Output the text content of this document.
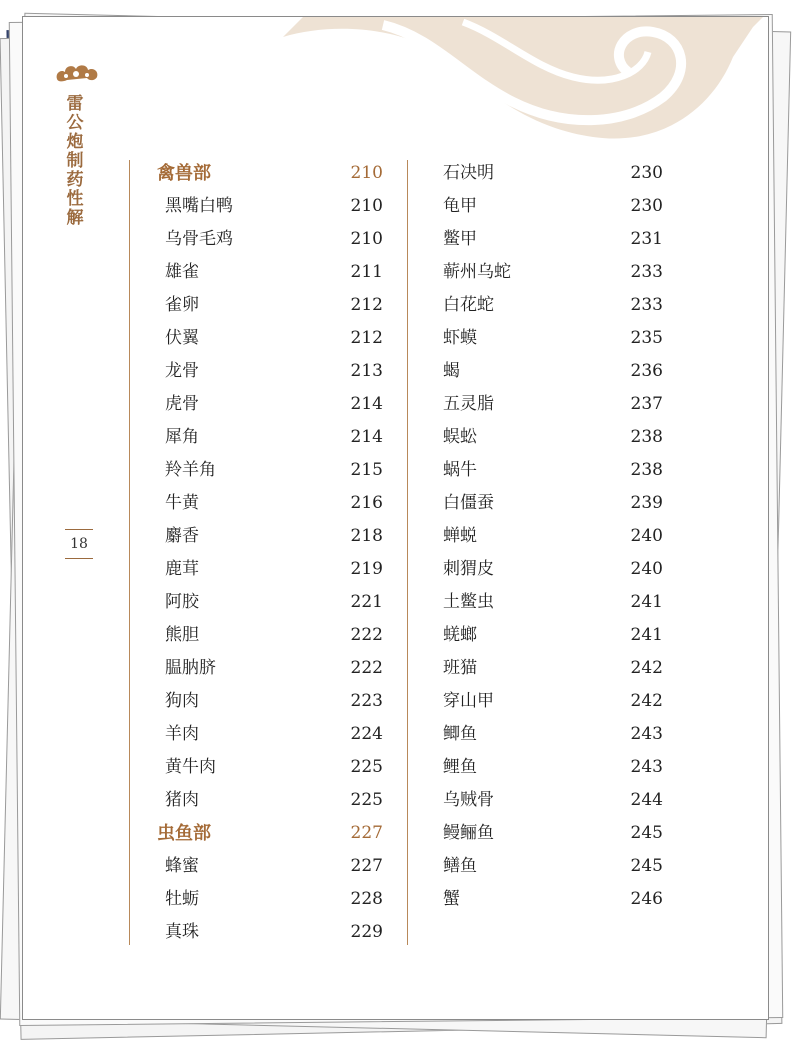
雷公炮制药性解
18
禽兽部	210
黑嘴白鸭	210
乌骨毛鸡	210
雄雀	211
雀卵	212
伏翼	212
龙骨	213
虎骨	214
犀角	214
羚羊角	215
牛黄	216
麝香	218
鹿茸	219
阿胶	221
熊胆	222
腽肭脐	222
狗肉	223
羊肉	224
黄牛肉	225
猪肉	225
虫鱼部	227
蜂蜜	227
牡蛎	228
真珠	229
石决明	230
龟甲	230
鳖甲	231
蕲州乌蛇	233
白花蛇	233
虾蟆	235
蝎	236
五灵脂	237
蜈蚣	238
蜗牛	238
白僵蚕	239
蝉蜕	240
刺猬皮	240
土鳖虫	241
蜣螂	241
班猫	242
穿山甲	242
鲫鱼	243
鲤鱼	243
乌贼骨	244
鳗鲡鱼	245
鳝鱼	245
蟹	246
